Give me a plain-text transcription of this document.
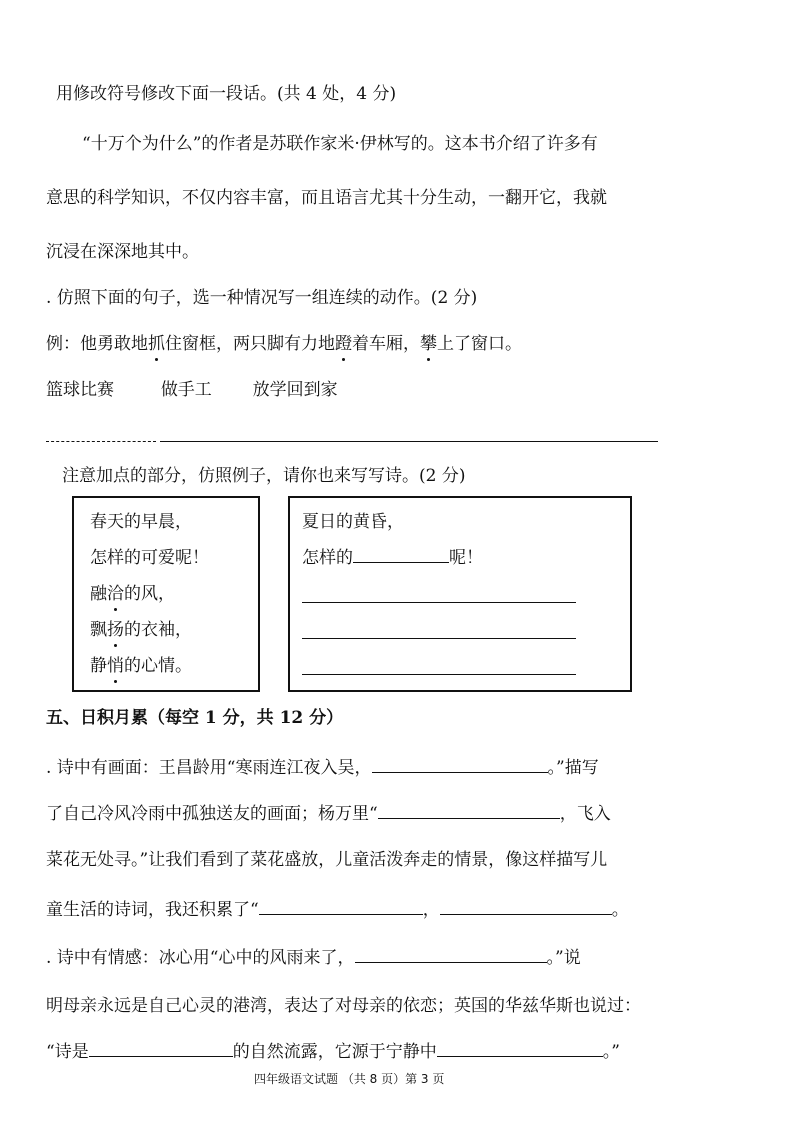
用修改符号修改下面一段话。(共 4 处，4 分)
“十万个为什么”的作者是苏联作家米·伊林写的。这本书介绍了许多有
意思的科学知识，不仅内容丰富，而且语言尤其十分生动，一翻开它，我就
沉浸在深深地其中。
. 仿照下面的句子，选一种情况写一组连续的动作。(2 分)
例：他勇敢地抓住窗框，两只脚有力地蹬着车厢，攀上了窗口。
篮球比赛	做手工 放学回到家
注意加点的部分，仿照例子，请你也来写写诗。(2 分)
春天的早晨，
怎样的可爱呢！
融洽的风，
飘扬的衣袖，
静悄的心情。
夏日的黄昏，
怎样的	呢！
五、日积月累（每空 1 分，共 12 分）
. 诗中有画面：王昌龄用“寒雨连江夜入吴，	。”描写
了自己冷风冷雨中孤独送友的画面；杨万里“	，飞入
菜花无处寻。”让我们看到了菜花盛放，儿童活泼奔走的情景，像这样描写儿
童生活的诗词，我还积累了“	，	。
. 诗中有情感：冰心用“心中的风雨来了，	。”说
明母亲永远是自己心灵的港湾，表达了对母亲的依恋；英国的华兹华斯也说过：
“诗是	的自然流露，它源于宁静中	。”
四年级语文试题 （共 8 页）第 3 页
